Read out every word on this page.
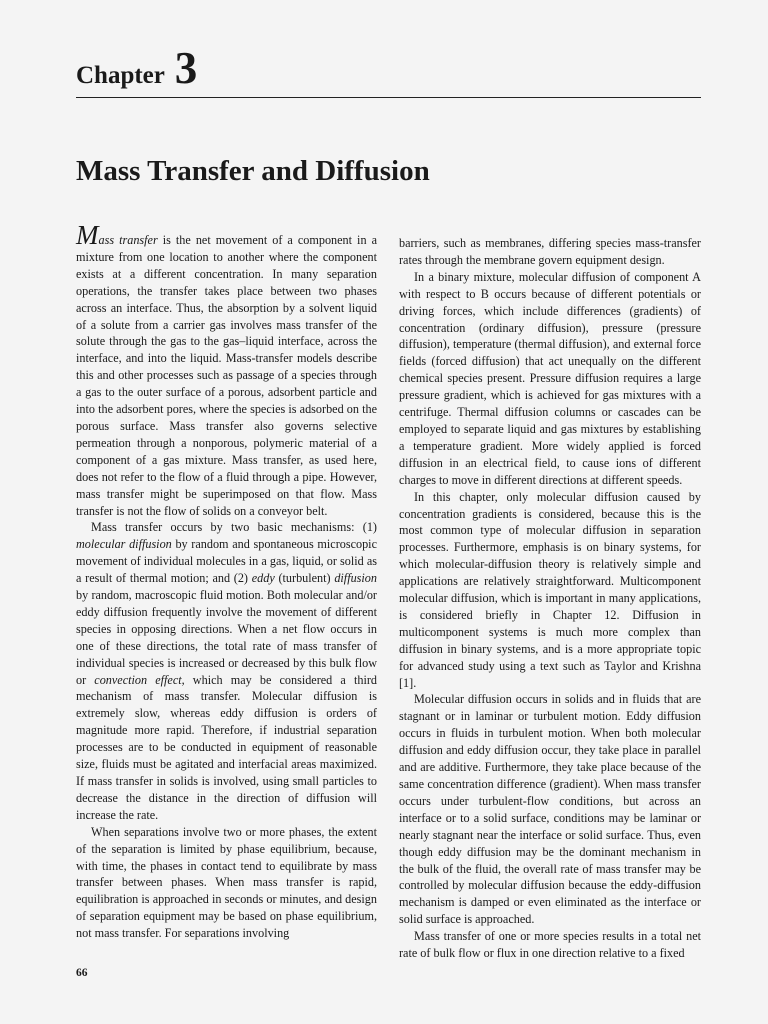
Chapter 3
Mass Transfer and Diffusion

Mass transfer is the net movement of a component in a mixture from one location to another where the component exists at a different concentration. In many separation operations, the transfer takes place between two phases across an interface. Thus, the absorption by a solvent liquid of a solute from a carrier gas involves mass transfer of the solute through the gas to the gas–liquid interface, across the interface, and into the liquid. Mass-transfer models describe this and other processes such as passage of a species through a gas to the outer surface of a porous, adsorbent particle and into the adsorbent pores, where the species is adsorbed on the porous surface. Mass transfer also governs selective permeation through a nonporous, polymeric material of a component of a gas mixture. Mass transfer, as used here, does not refer to the flow of a fluid through a pipe. However, mass transfer might be superimposed on that flow. Mass transfer is not the flow of solids on a conveyor belt.

Mass transfer occurs by two basic mechanisms: (1) molecular diffusion by random and spontaneous microscopic movement of individual molecules in a gas, liquid, or solid as a result of thermal motion; and (2) eddy (turbulent) diffusion by random, macroscopic fluid motion. Both molecular and/or eddy diffusion frequently involve the movement of different species in opposing directions. When a net flow occurs in one of these directions, the total rate of mass transfer of individual species is increased or decreased by this bulk flow or convection effect, which may be considered a third mechanism of mass transfer. Molecular diffusion is extremely slow, whereas eddy diffusion is orders of magnitude more rapid. Therefore, if industrial separation processes are to be conducted in equipment of reasonable size, fluids must be agitated and interfacial areas maximized. If mass transfer in solids is involved, using small particles to decrease the distance in the direction of diffusion will increase the rate.

When separations involve two or more phases, the extent of the separation is limited by phase equilibrium, because, with time, the phases in contact tend to equilibrate by mass transfer between phases. When mass transfer is rapid, equilibration is approached in seconds or minutes, and design of separation equipment may be based on phase equilibrium, not mass transfer. For separations involving

barriers, such as membranes, differing species mass-transfer rates through the membrane govern equipment design.

In a binary mixture, molecular diffusion of component A with respect to B occurs because of different potentials or driving forces, which include differences (gradients) of concentration (ordinary diffusion), pressure (pressure diffusion), temperature (thermal diffusion), and external force fields (forced diffusion) that act unequally on the different chemical species present. Pressure diffusion requires a large pressure gradient, which is achieved for gas mixtures with a centrifuge. Thermal diffusion columns or cascades can be employed to separate liquid and gas mixtures by establishing a temperature gradient. More widely applied is forced diffusion in an electrical field, to cause ions of different charges to move in different directions at different speeds.

In this chapter, only molecular diffusion caused by concentration gradients is considered, because this is the most common type of molecular diffusion in separation processes. Furthermore, emphasis is on binary systems, for which molecular-diffusion theory is relatively simple and applications are relatively straightforward. Multicomponent molecular diffusion, which is important in many applications, is considered briefly in Chapter 12. Diffusion in multicomponent systems is much more complex than diffusion in binary systems, and is a more appropriate topic for advanced study using a text such as Taylor and Krishna [1].

Molecular diffusion occurs in solids and in fluids that are stagnant or in laminar or turbulent motion. Eddy diffusion occurs in fluids in turbulent motion. When both molecular diffusion and eddy diffusion occur, they take place in parallel and are additive. Furthermore, they take place because of the same concentration difference (gradient). When mass transfer occurs under turbulent-flow conditions, but across an interface or to a solid surface, conditions may be laminar or nearly stagnant near the interface or solid surface. Thus, even though eddy diffusion may be the dominant mechanism in the bulk of the fluid, the overall rate of mass transfer may be controlled by molecular diffusion because the eddy-diffusion mechanism is damped or even eliminated as the interface or solid surface is approached.

Mass transfer of one or more species results in a total net rate of bulk flow or flux in one direction relative to a fixed

66
